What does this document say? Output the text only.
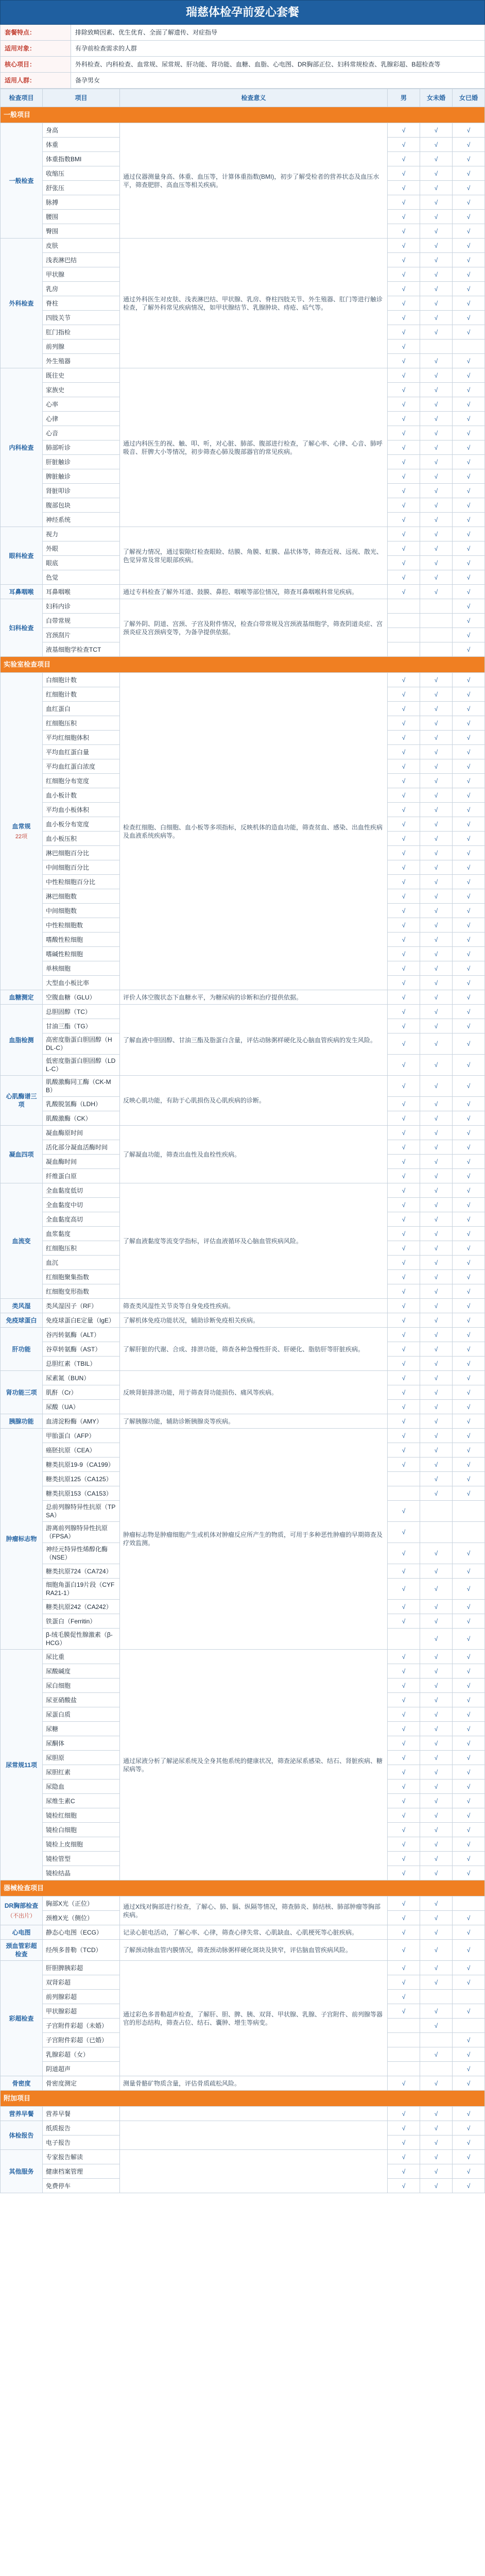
瑞慈体检孕前爱心套餐
套餐特点：	排除致畸因素、优生优育、全面了解遗传、对症指导
适用对象：	有孕前检查需求的人群
核心项目：	外科检查、内科检查、血常规、尿常规、肝功能、肾功能、血糖、血脂、心电图、DR胸部正位、妇科常规检查、乳腺彩超、B超检查等
适用人群：	备孕男女
检查项目	项目	检查意义	男	女未婚	女已婚
一般项目					
一般检查	身高	通过仪器测量身高、体重、血压等，计算体重指数(BMI)，初步了解受检者的营养状态及血压水平，筛查肥胖、高血压等相关疾病。	√	√	√
	体重		√	√	√
	体重指数BMI		√	√	√
	收缩压		√	√	√
	舒张压		√	√	√
	脉搏		√	√	√
	腰围		√	√	√
	臀围		√	√	√
外科检查	皮肤	通过外科医生对皮肤、浅表淋巴结、甲状腺、乳房、脊柱四肢关节、外生殖器、肛门等进行触诊检查，了解外科常见疾病情况，如甲状腺结节、乳腺肿块、痔疮、疝气等。	√	√	√
	浅表淋巴结		√	√	√
	甲状腺		√	√	√
	乳房		√	√	√
	脊柱		√	√	√
	四肢关节		√	√	√
	肛门指检		√	√	√
	前列腺		√		
	外生殖器		√	√	√
内科检查	既往史	通过内科医生的视、触、叩、听，对心脏、肺部、腹部进行检查，了解心率、心律、心音、肺呼吸音、肝脾大小等情况，初步筛查心肺及腹部器官的常见疾病。	√	√	√
	家族史		√	√	√
	心率		√	√	√
	心律		√	√	√
	心音		√	√	√
	肺部听诊		√	√	√
	肝脏触诊		√	√	√
	脾脏触诊		√	√	√
	肾脏叩诊		√	√	√
	腹部包块		√	√	√
	神经系统		√	√	√
眼科检查	视力	了解视力情况，通过裂隙灯检查眼睑、结膜、角膜、虹膜、晶状体等，筛查近视、远视、散光、色觉异常及常见眼部疾病。	√	√	√
	外眼		√	√	√
	眼底		√	√	√
	色觉		√	√	√
耳鼻咽喉	耳鼻咽喉	通过专科检查了解外耳道、鼓膜、鼻腔、咽喉等部位情况，筛查耳鼻咽喉科常见疾病。	√	√	√
妇科检查	妇科内诊	了解外阴、阴道、宫颈、子宫及附件情况，检查白带常规及宫颈液基细胞学，筛查阴道炎症、宫颈炎症及宫颈病变等，为备孕提供依据。			√
	白带常规				√
	宫颈刮片				√
	液基细胞学检查TCT				√
实验室检查项目					
血常规
22项	白细胞计数	检查红细胞、白细胞、血小板等多项指标，反映机体的造血功能，筛查贫血、感染、出血性疾病及血液系统疾病等。	√	√	√
	红细胞计数		√	√	√
	血红蛋白		√	√	√
	红细胞压积		√	√	√
	平均红细胞体积		√	√	√
	平均血红蛋白量		√	√	√
	平均血红蛋白浓度		√	√	√
	红细胞分布宽度		√	√	√
	血小板计数		√	√	√
	平均血小板体积		√	√	√
	血小板分布宽度		√	√	√
	血小板压积		√	√	√
	淋巴细胞百分比		√	√	√
	中间细胞百分比		√	√	√
	中性粒细胞百分比		√	√	√
	淋巴细胞数		√	√	√
	中间细胞数		√	√	√
	中性粒细胞数		√	√	√
	嗜酸性粒细胞		√	√	√
	嗜碱性粒细胞		√	√	√
	单核细胞		√	√	√
	大型血小板比率		√	√	√
血糖测定	空腹血糖（GLU）	评价人体空腹状态下血糖水平，为糖尿病的诊断和治疗提供依据。	√	√	√
血脂检测	总胆固醇（TC）	了解血液中胆固醇、甘油三酯及脂蛋白含量，评估动脉粥样硬化及心脑血管疾病的发生风险。	√	√	√
	甘油三酯（TG）		√	√	√
	高密度脂蛋白胆固醇（HDL-C）		√	√	√
	低密度脂蛋白胆固醇（LDL-C）		√	√	√
心肌酶谱三项	肌酸激酶同工酶（CK-MB）	反映心肌功能，有助于心肌损伤及心肌疾病的诊断。	√	√	√
	乳酸脱氢酶（LDH）		√	√	√
	肌酸激酶（CK）		√	√	√
凝血四项	凝血酶原时间	了解凝血功能，筛查出血性及血栓性疾病。	√	√	√
	活化部分凝血活酶时间		√	√	√
	凝血酶时间		√	√	√
	纤维蛋白原		√	√	√
血流变	全血黏度低切	了解血液黏度等流变学指标，评估血液循环及心脑血管疾病风险。	√	√	√
	全血黏度中切		√	√	√
	全血黏度高切		√	√	√
	血浆黏度		√	√	√
	红细胞压积		√	√	√
	血沉		√	√	√
	红细胞聚集指数		√	√	√
	红细胞变形指数		√	√	√
类风湿	类风湿因子（RF）	筛查类风湿性关节炎等自身免疫性疾病。	√	√	√
免疫球蛋白	免疫球蛋白E定量（IgE）	了解机体免疫功能状况，辅助诊断免疫相关疾病。	√	√	√
肝功能	谷丙转氨酶（ALT）	了解肝脏的代谢、合成、排泄功能，筛查各种急慢性肝炎、肝硬化、脂肪肝等肝脏疾病。	√	√	√
	谷草转氨酶（AST）		√	√	√
	总胆红素（TBIL）		√	√	√
肾功能三项	尿素氮（BUN）	反映肾脏排泄功能，用于筛查肾功能损伤、痛风等疾病。	√	√	√
	肌酐（Cr）		√	√	√
	尿酸（UA）		√	√	√
胰腺功能	血清淀粉酶（AMY）	了解胰腺功能，辅助诊断胰腺炎等疾病。	√	√	√
肿瘤标志物	甲胎蛋白（AFP）	肿瘤标志物是肿瘤细胞产生或机体对肿瘤反应所产生的物质，可用于多种恶性肿瘤的早期筛查及疗效监测。	√	√	√
	癌胚抗原（CEA）		√	√	√
	糖类抗原19-9（CA199）		√	√	√
	糖类抗原125（CA125）			√	√
	糖类抗原153（CA153）			√	√
	总前列腺特异性抗原（TPSA）		√		
	游离前列腺特异性抗原（FPSA）		√		
	神经元特异性烯醇化酶（NSE）		√	√	√
	糖类抗原724（CA724）		√	√	√
	细胞角蛋白19片段（CYFRA21-1）		√	√	√
	糖类抗原242（CA242）		√	√	√
	铁蛋白（Ferritin）		√	√	√
	β-绒毛膜促性腺激素（β-HCG）			√	√
尿常规11项	尿比重	通过尿液分析了解泌尿系统及全身其他系统的健康状况，筛查泌尿系感染、结石、肾脏疾病、糖尿病等。	√	√	√
	尿酸碱度		√	√	√
	尿白细胞		√	√	√
	尿亚硝酸盐		√	√	√
	尿蛋白质		√	√	√
	尿糖		√	√	√
	尿酮体		√	√	√
	尿胆原		√	√	√
	尿胆红素		√	√	√
	尿隐血		√	√	√
	尿维生素C		√	√	√
	镜检红细胞		√	√	√
	镜检白细胞		√	√	√
	镜检上皮细胞		√	√	√
	镜检管型		√	√	√
	镜检结晶		√	√	√
器械检查项目					
DR胸部检查
（不出片）	胸部X光（正位）	通过X线对胸部进行检查，了解心、肺、膈、纵隔等情况，筛查肺炎、肺结核、肺部肿瘤等胸部疾病。	√	√	
	颈椎X光（侧位）		√	√	√
心电图	静态心电图（ECG）	记录心脏电活动，了解心率、心律，筛查心律失常、心肌缺血、心肌梗死等心脏疾病。	√	√	√
颈血管彩超检查	经颅多普勒（TCD）	了解颈动脉血管内膜情况，筛查颈动脉粥样硬化斑块及狭窄，评估脑血管疾病风险。	√	√	√
彩超检查	肝胆脾胰彩超	通过彩色多普勒超声检查，了解肝、胆、脾、胰、双肾、甲状腺、乳腺、子宫附件、前列腺等器官的形态结构，筛查占位、结石、囊肿、增生等病变。	√	√	√
	双肾彩超		√	√	√
	前列腺彩超		√		
	甲状腺彩超		√	√	√
	子宫附件彩超（未婚）			√	
	子宫附件彩超（已婚）				√
	乳腺彩超（女）			√	√
	阴道超声				√
骨密度	骨密度测定	测量骨骼矿物质含量，评估骨质疏松风险。	√	√	√
附加项目					
营养早餐	营养早餐		√	√	√
体检报告	纸质报告		√	√	√
	电子报告		√	√	√
其他服务	专家报告解读		√	√	√
	健康档案管理		√	√	√
	免费停车		√	√	√
